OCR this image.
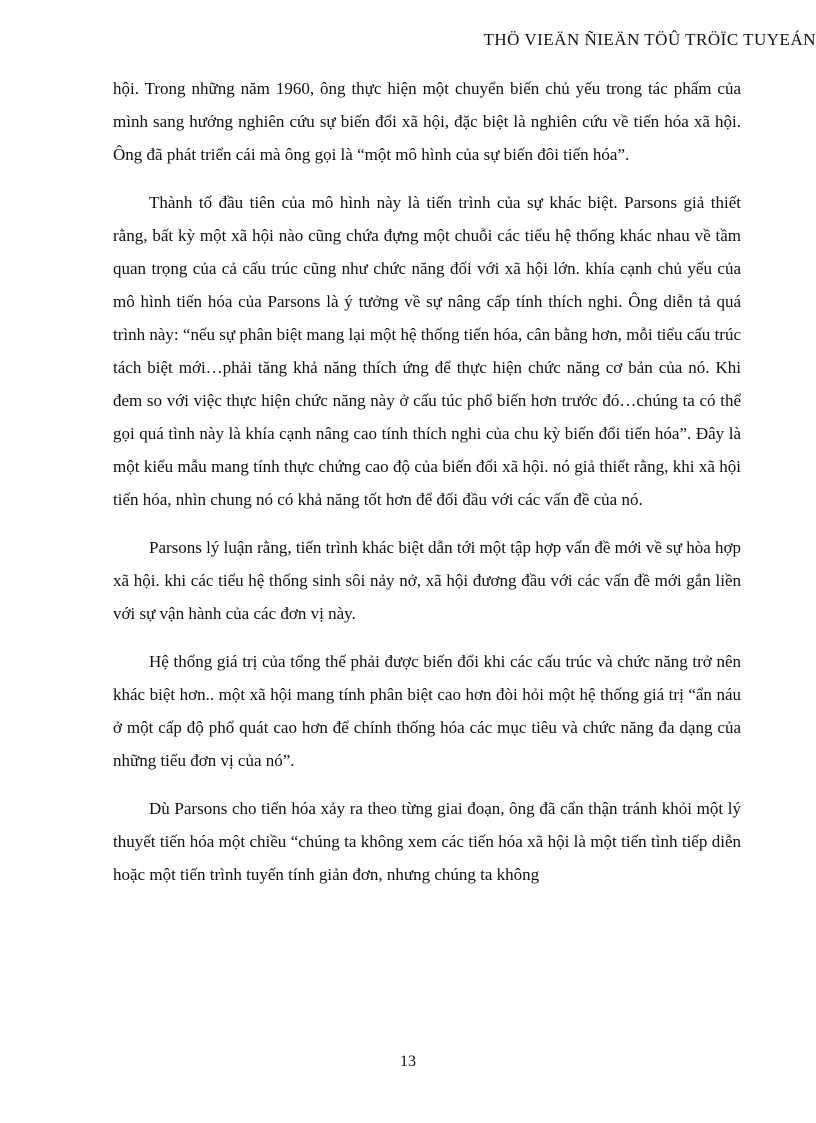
THÖ VIEÄN ÑIEÄN TÖÛ TRÖÏC TUYEÁN

hội. Trong những năm 1960, ông thực hiện một chuyển biến chủ yếu trong tác phẩm của mình sang hướng nghiên cứu sự biến đổi xã hội, đặc biệt là nghiên cứu về tiến hóa xã hội. Ông đã phát triển cái mà ông gọi là “một mô hình của sự biến đôi tiến hóa”.

Thành tố đầu tiên của mô hình này là tiến trình của sự khác biệt. Parsons giả thiết rằng, bất kỳ một xã hội nào cũng chứa đựng một chuỗi các tiểu hệ thống khác nhau về tầm quan trọng của cả cấu trúc cũng như chức năng đối với xã hội lớn. khía cạnh chủ yếu của mô hình tiến hóa của Parsons là ý tưởng về sự nâng cấp tính thích nghi. Ông diễn tả quá trình này: “nếu sự phân biệt mang lại một hệ thống tiến hóa, cân bằng hơn, mỗi tiểu cấu trúc tách biệt mới…phải tăng khả năng thích ứng để thực hiện chức năng cơ bản của nó. Khi đem so với việc thực hiện chức năng này ở cấu túc phổ biến hơn trước đó…chúng ta có thể gọi quá tình này là khía cạnh nâng cao tính thích nghi của chu kỳ biến đổi tiến hóa”. Đây là một kiểu mẫu mang tính thực chứng cao độ của biến đổi xã hội. nó giả thiết rằng, khi xã hội tiến hóa, nhìn chung nó có khả năng tốt hơn để đối đầu với các vấn đề của nó.

Parsons lý luận rằng, tiến trình khác biệt dẫn tới một tập hợp vấn đề mới về sự hòa hợp xã hội. khi các tiểu hệ thống sinh sôi nảy nở, xã hội đương đầu với các vấn đề mới gắn liền với sự vận hành của các đơn vị này.

Hệ thống giá trị của tổng thể phải được biến đổi khi các cấu trúc và chức năng trở nên khác biệt hơn.. một xã hội mang tính phân biệt cao hơn đòi hỏi một hệ thống giá trị “ẩn náu ở một cấp độ phổ quát cao hơn để chính thống hóa các mục tiêu và chức năng đa dạng của những tiểu đơn vị của nó”.

Dù Parsons cho tiến hóa xảy ra theo từng giai đoạn, ông đã cẩn thận tránh khỏi một lý thuyết tiến hóa một chiều “chúng ta không xem các tiến hóa xã hội là một tiến tình tiếp diễn hoặc một tiến trình tuyến tính giản đơn, nhưng chúng ta không

13
